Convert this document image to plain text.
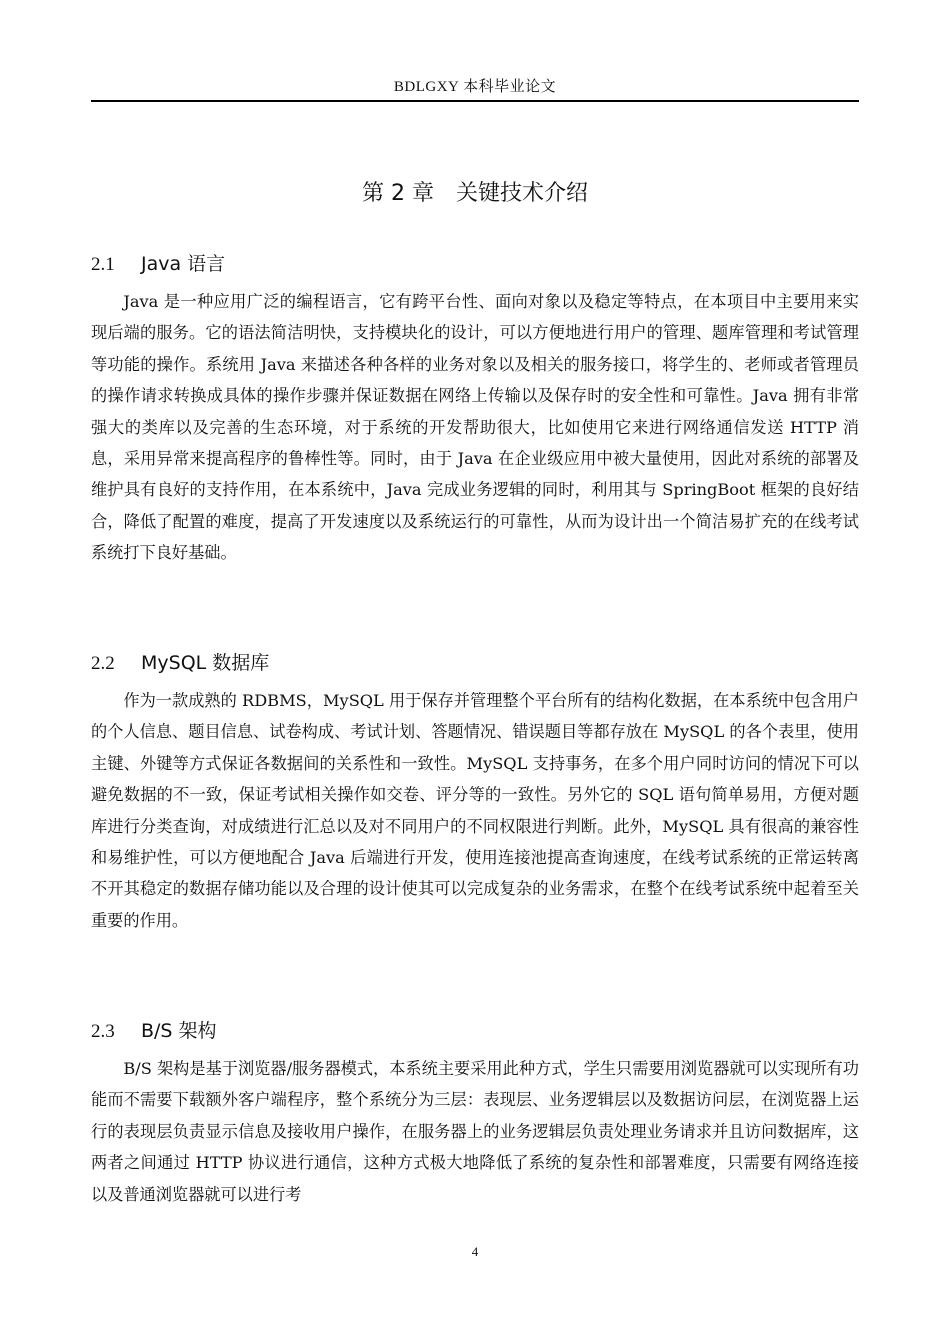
BDLGXY 本科毕业论文
第 2 章 关键技术介绍
2.1 Java 语言
Java 是一种应用广泛的编程语言，它有跨平台性、面向对象以及稳定等特点，在本项目中主要用来实现后端的服务。它的语法简洁明快，支持模块化的设计，可以方便地进行用户的管理、题库管理和考试管理等功能的操作。系统用 Java 来描述各种各样的业务对象以及相关的服务接口，将学生的、老师或者管理员的操作请求转换成具体的操作步骤并保证数据在网络上传输以及保存时的安全性和可靠性。Java 拥有非常强大的类库以及完善的生态环境，对于系统的开发帮助很大，比如使用它来进行网络通信发送 HTTP 消息，采用异常来提高程序的鲁棒性等。同时，由于 Java 在企业级应用中被大量使用，因此对系统的部署及维护具有良好的支持作用，在本系统中，Java 完成业务逻辑的同时，利用其与 SpringBoot 框架的良好结合，降低了配置的难度，提高了开发速度以及系统运行的可靠性，从而为设计出一个简洁易扩充的在线考试系统打下良好基础。
2.2 MySQL 数据库
作为一款成熟的 RDBMS，MySQL 用于保存并管理整个平台所有的结构化数据，在本系统中包含用户的个人信息、题目信息、试卷构成、考试计划、答题情况、错误题目等都存放在 MySQL 的各个表里，使用主键、外键等方式保证各数据间的关系性和一致性。MySQL 支持事务，在多个用户同时访问的情况下可以避免数据的不一致，保证考试相关操作如交卷、评分等的一致性。另外它的 SQL 语句简单易用，方便对题库进行分类查询，对成绩进行汇总以及对不同用户的不同权限进行判断。此外，MySQL 具有很高的兼容性和易维护性，可以方便地配合 Java 后端进行开发，使用连接池提高查询速度，在线考试系统的正常运转离不开其稳定的数据存储功能以及合理的设计使其可以完成复杂的业务需求，在整个在线考试系统中起着至关重要的作用。
2.3 B/S 架构
B/S 架构是基于浏览器/服务器模式，本系统主要采用此种方式，学生只需要用浏览器就可以实现所有功能而不需要下载额外客户端程序，整个系统分为三层：表现层、业务逻辑层以及数据访问层，在浏览器上运行的表现层负责显示信息及接收用户操作，在服务器上的业务逻辑层负责处理业务请求并且访问数据库，这两者之间通过 HTTP 协议进行通信，这种方式极大地降低了系统的复杂性和部署难度，只需要有网络连接以及普通浏览器就可以进行考
4
